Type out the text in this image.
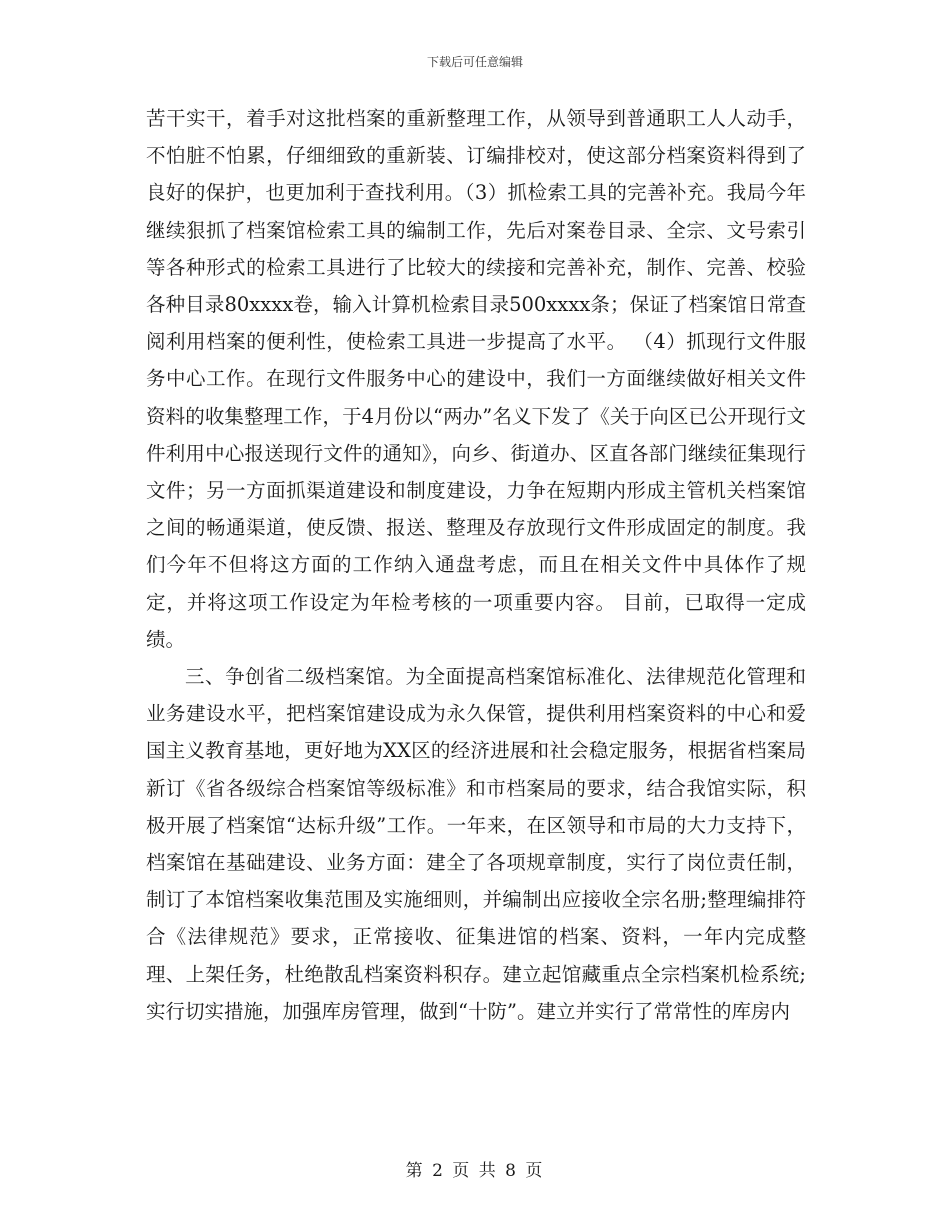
下载后可任意编辑

苦干实干，着手对这批档案的重新整理工作，从领导到普通职工人人动手，不怕脏不怕累，仔细细致的重新装、订编排校对，使这部分档案资料得到了良好的保护，也更加利于查找利用。（3）抓检索工具的完善补充。我局今年继续狠抓了档案馆检索工具的编制工作，先后对案卷目录、全宗、文号索引等各种形式的检索工具进行了比较大的续接和完善补充，制作、完善、校验各种目录80xxxx卷，输入计算机检索目录500xxxx条；保证了档案馆日常查阅利用档案的便利性，使检索工具进一步提高了水平。 （4）抓现行文件服务中心工作。在现行文件服务中心的建设中，我们一方面继续做好相关文件资料的收集整理工作，于4月份以“两办”名义下发了《关于向区已公开现行文件利用中心报送现行文件的通知》，向乡、街道办、区直各部门继续征集现行文件；另一方面抓渠道建设和制度建设，力争在短期内形成主管机关档案馆之间的畅通渠道，使反馈、报送、整理及存放现行文件形成固定的制度。我们今年不但将这方面的工作纳入通盘考虑，而且在相关文件中具体作了规定，并将这项工作设定为年检考核的一项重要内容。 目前，已取得一定成绩。

三、争创省二级档案馆。为全面提高档案馆标准化、法律规范化管理和业务建设水平，把档案馆建设成为永久保管，提供利用档案资料的中心和爱国主义教育基地，更好地为XX区的经济进展和社会稳定服务，根据省档案局新订《省各级综合档案馆等级标准》和市档案局的要求，结合我馆实际，积极开展了档案馆“达标升级”工作。一年来，在区领导和市局的大力支持下，档案馆在基础建设、业务方面：建全了各项规章制度，实行了岗位责任制，制订了本馆档案收集范围及实施细则，并编制出应接收全宗名册;整理编排符合《法律规范》要求，正常接收、征集进馆的档案、资料，一年内完成整理、上架任务，杜绝散乱档案资料积存。建立起馆藏重点全宗档案机检系统;实行切实措施，加强库房管理，做到“十防”。建立并实行了常常性的库房内

第 2 页 共 8 页
